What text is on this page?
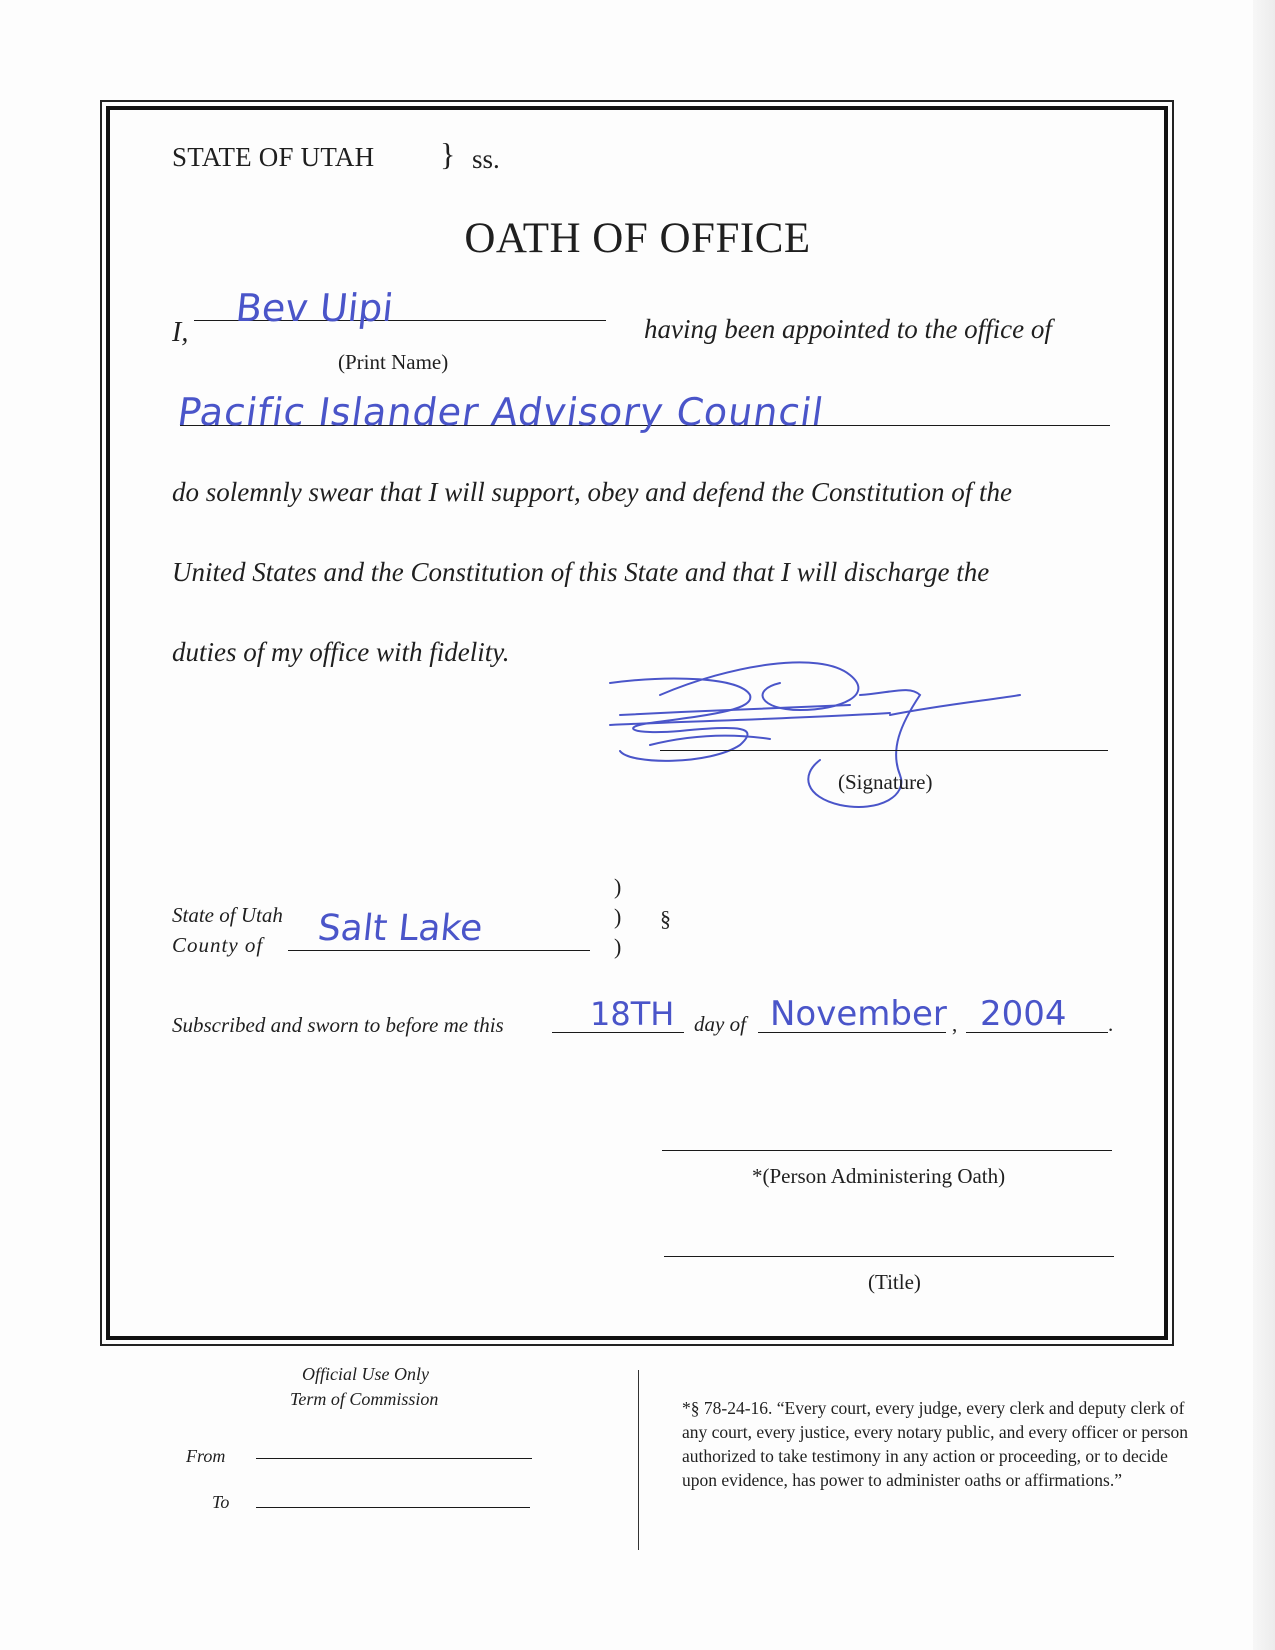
STATE OF UTAH } ss.
OATH OF OFFICE
I,
Bev Uipi
(Print Name)
having been appointed to the office of
Pacific Islander Advisory Council
do solemnly swear that I will support, obey and defend the Constitution of the
United States and the Constitution of this State and that I will discharge the
duties of my office with fidelity.
(Signature)
State of Utah
County of Salt Lake
)
)
)
§
Subscribed and sworn to before me this	18TH day of November , 2004 .
*(Person Administering Oath)
(Title)
Official Use Only
Term of Commission
From
To
*§ 78-24-16. “Every court, every judge, every clerk and deputy clerk of any court, every justice, every notary public, and every officer or person authorized to take testimony in any action or proceeding, or to decide upon evidence, has power to administer oaths or affirmations.”
